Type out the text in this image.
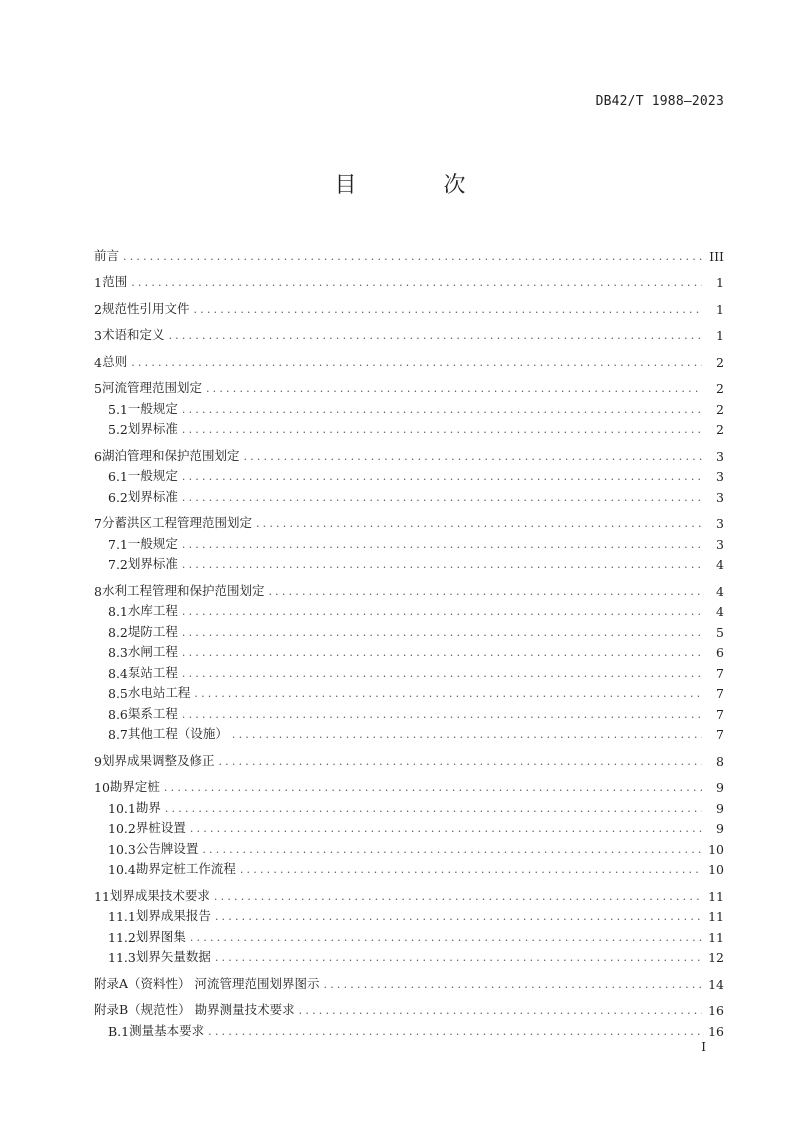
DB42/T 1988—2023
目 次
前言 .....	III
1 范围 .....	1
2 规范性引用文件 .....	1
3 术语和定义 .....	1
4 总则 .....	2
5 河流管理范围划定 .....	2
5.1 一般规定 .....	2
5.2 划界标准 .....	2
6 湖泊管理和保护范围划定 .....	3
6.1 一般规定 .....	3
6.2 划界标准 .....	3
7 分蓄洪区工程管理范围划定 .....	3
7.1 一般规定 .....	3
7.2 划界标准 .....	4
8 水利工程管理和保护范围划定 .....	4
8.1 水库工程 .....	4
8.2 堤防工程 .....	5
8.3 水闸工程 .....	6
8.4 泵站工程 .....	7
8.5 水电站工程 .....	7
8.6 渠系工程 .....	7
8.7 其他工程（设施） .....	7
9 划界成果调整及修正 .....	8
10 勘界定桩 .....	9
10.1 勘界 .....	9
10.2 界桩设置 .....	9
10.3 公告牌设置 .....	10
10.4 勘界定桩工作流程 .....	10
11 划界成果技术要求 .....	11
11.1 划界成果报告 .....	11
11.2 划界图集 .....	11
11.3 划界矢量数据 .....	12
附录A（资料性） 河流管理范围划界图示 .....	14
附录B（规范性） 勘界测量技术要求 .....	16
B.1 测量基本要求 .....	16
I
